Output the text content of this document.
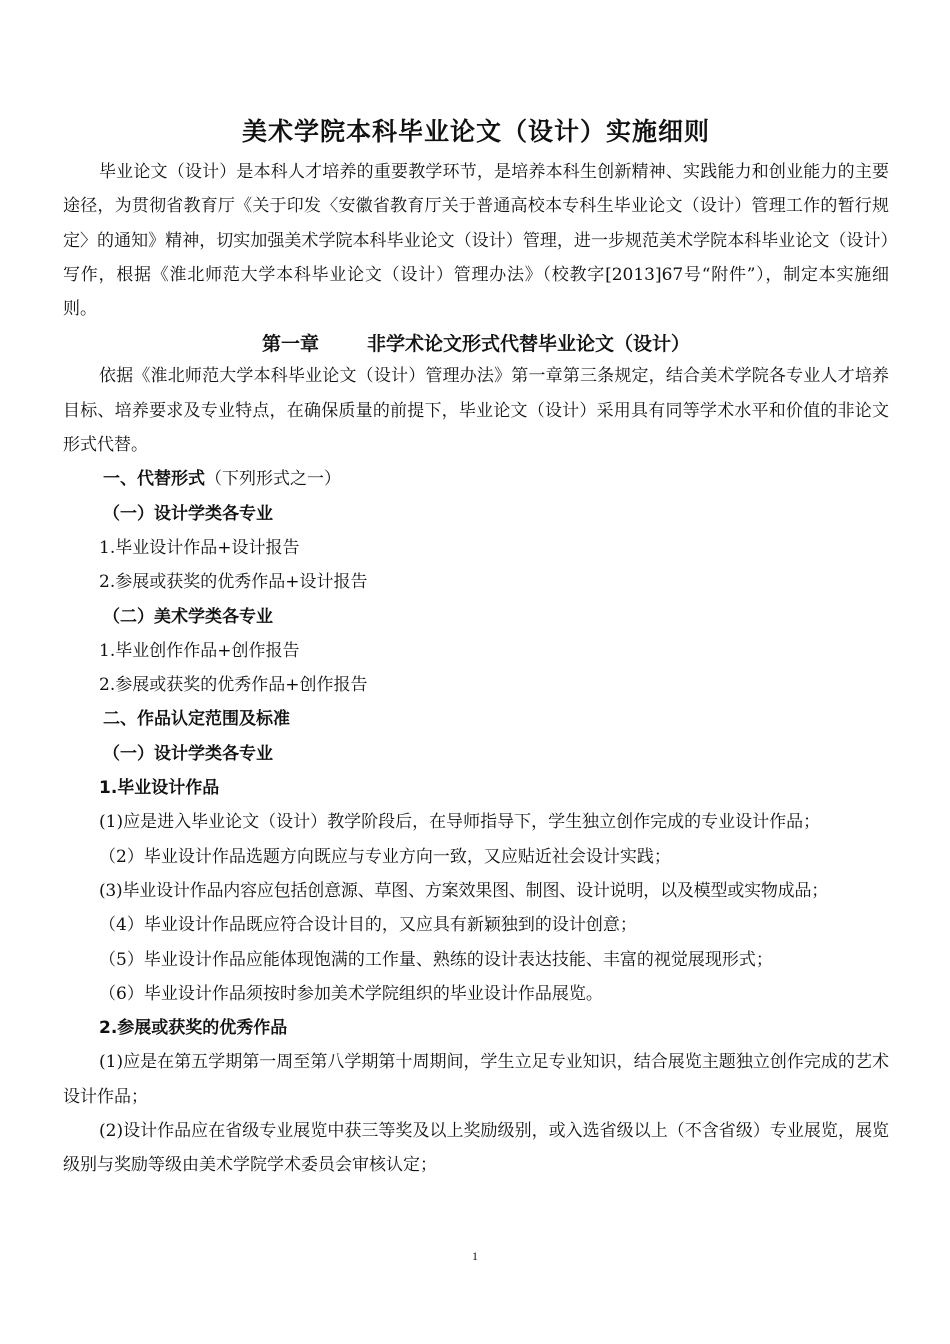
美术学院本科毕业论文（设计）实施细则

毕业论文（设计）是本科人才培养的重要教学环节，是培养本科生创新精神、实践能力和创业能力的主要途径，为贯彻省教育厅《关于印发〈安徽省教育厅关于普通高校本专科生毕业论文（设计）管理工作的暂行规定〉的通知》精神，切实加强美术学院本科毕业论文（设计）管理，进一步规范美术学院本科毕业论文（设计）写作，根据《淮北师范大学本科毕业论文（设计）管理办法》（校教字[2013]67号“附件”），制定本实施细则。

第一章	非学术论文形式代替毕业论文（设计）

依据《淮北师范大学本科毕业论文（设计）管理办法》第一章第三条规定，结合美术学院各专业人才培养目标、培养要求及专业特点，在确保质量的前提下，毕业论文（设计）采用具有同等学术水平和价值的非论文形式代替。

一、代替形式（下列形式之一）
（一）设计学类各专业
1.毕业设计作品+设计报告
2.参展或获奖的优秀作品+设计报告
（二）美术学类各专业
1.毕业创作作品+创作报告
2.参展或获奖的优秀作品+创作报告
二、作品认定范围及标准
（一）设计学类各专业
1.毕业设计作品
(1)应是进入毕业论文（设计）教学阶段后，在导师指导下，学生独立创作完成的专业设计作品；
（2）毕业设计作品选题方向既应与专业方向一致，又应贴近社会设计实践；
(3)毕业设计作品内容应包括创意源、草图、方案效果图、制图、设计说明，以及模型或实物成品；
（4）毕业设计作品既应符合设计目的，又应具有新颖独到的设计创意；
（5）毕业设计作品应能体现饱满的工作量、熟练的设计表达技能、丰富的视觉展现形式；
（6）毕业设计作品须按时参加美术学院组织的毕业设计作品展览。
2.参展或获奖的优秀作品

(1)应是在第五学期第一周至第八学期第十周期间，学生立足专业知识，结合展览主题独立创作完成的艺术设计作品；

(2)设计作品应在省级专业展览中获三等奖及以上奖励级别，或入选省级以上（不含省级）专业展览，展览级别与奖励等级由美术学院学术委员会审核认定；

1
